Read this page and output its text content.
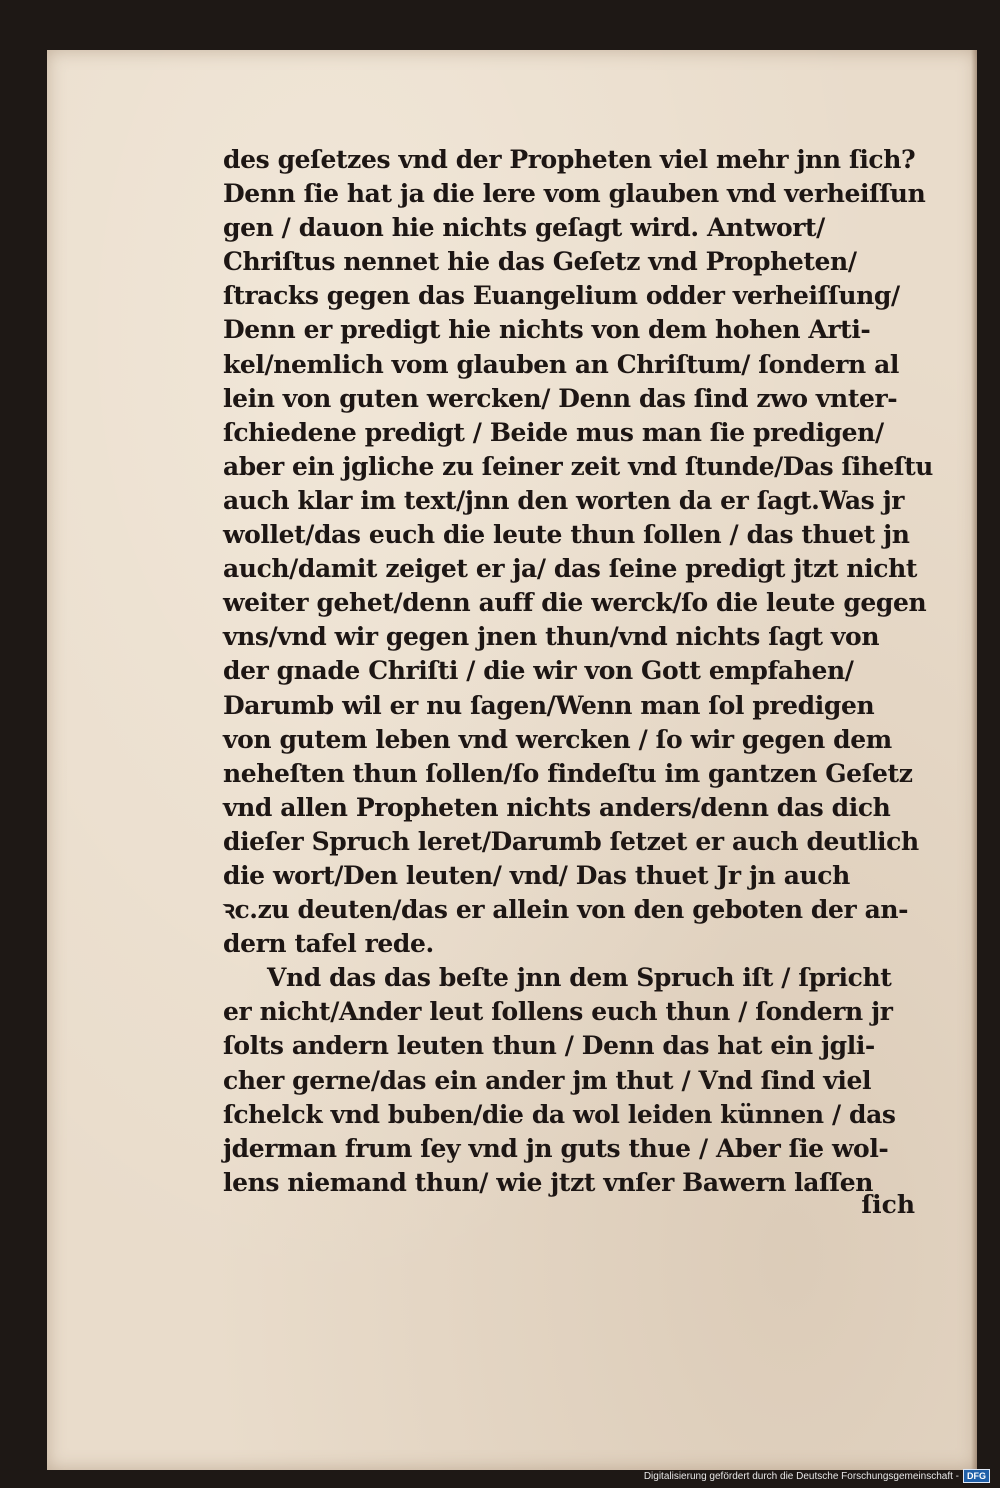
des geſetzes vnd der Propheten viel mehr jnn ſich?
Denn ſie hat ja die lere vom glauben vnd verheiſſun
gen / dauon hie nichts geſagt wird. Antwort/
Chriſtus nennet hie das Geſetz vnd Propheten/
ſtracks gegen das Euangelium odder verheiſſung/
Denn er predigt hie nichts von dem hohen Arti-
kel/nemlich vom glauben an Chriſtum/ ſondern al
lein von guten wercken/ Denn das ſind zwo vnter-
ſchiedene predigt / Beide mus man ſie predigen/
aber ein jgliche zu ſeiner zeit vnd ſtunde/Das ſiheſtu
auch klar im text/jnn den worten da er ſagt.Was jr
wollet/das euch die leute thun ſollen / das thuet jn
auch/damit zeiget er ja/ das ſeine predigt jtzt nicht
weiter gehet/denn auff die werck/ſo die leute gegen
vns/vnd wir gegen jnen thun/vnd nichts ſagt von
der gnade Chriſti / die wir von Gott empfahen/
Darumb wil er nu ſagen/Wenn man ſol predigen
von gutem leben vnd wercken / ſo wir gegen dem
neheſten thun ſollen/ſo findeſtu im gantzen Geſetz
vnd allen Propheten nichts anders/denn das dich
dieſer Spruch leret/Darumb ſetzet er auch deutlich
die wort/Den leuten/ vnd/ Das thuet Jr jn auch
ꝛc.zu deuten/das er allein von den geboten der an-
dern tafel rede.
Vnd das das beſte jnn dem Spruch iſt / ſpricht
er nicht/Ander leut ſollens euch thun / ſondern jr
ſolts andern leuten thun / Denn das hat ein jgli-
cher gerne/das ein ander jm thut / Vnd ſind viel
ſchelck vnd buben/die da wol leiden künnen / das
jderman frum ſey vnd jn guts thue / Aber ſie wol-
lens niemand thun/ wie jtzt vnſer Bawern laſſen
ſich
Digitalisierung gefördert durch die Deutsche Forschungsgemeinschaft - DFG
